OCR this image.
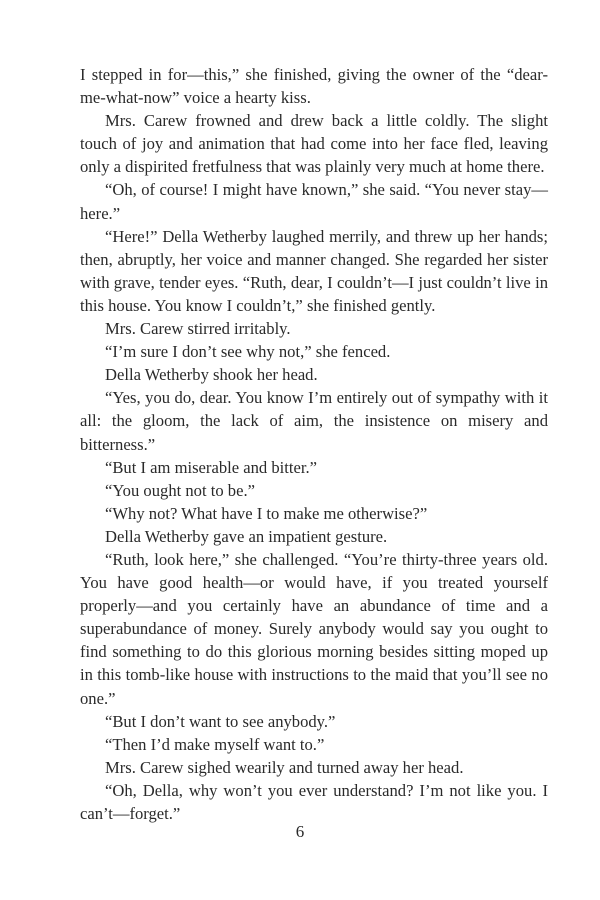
I stepped in for—this,” she finished, giving the owner of the “dear-me-what-now” voice a hearty kiss.

Mrs. Carew frowned and drew back a little coldly. The slight touch of joy and animation that had come into her face fled, leaving only a dispirited fretfulness that was plainly very much at home there.

“Oh, of course! I might have known,” she said. “You never stay—here.”

“Here!” Della Wetherby laughed merrily, and threw up her hands; then, abruptly, her voice and manner changed. She regarded her sister with grave, tender eyes. “Ruth, dear, I couldn’t—I just couldn’t live in this house. You know I couldn’t,” she finished gently.

Mrs. Carew stirred irritably.

“I’m sure I don’t see why not,” she fenced.

Della Wetherby shook her head.

“Yes, you do, dear. You know I’m entirely out of sympathy with it all: the gloom, the lack of aim, the insistence on misery and bitterness.”

“But I am miserable and bitter.”

“You ought not to be.”

“Why not? What have I to make me otherwise?”

Della Wetherby gave an impatient gesture.

“Ruth, look here,” she challenged. “You’re thirty-three years old. You have good health—or would have, if you treated yourself properly—and you certainly have an abundance of time and a superabundance of money. Surely anybody would say you ought to find something to do this glorious morning besides sitting moped up in this tomb-like house with instructions to the maid that you’ll see no one.”

“But I don’t want to see anybody.”

“Then I’d make myself want to.”

Mrs. Carew sighed wearily and turned away her head.

“Oh, Della, why won’t you ever understand? I’m not like you. I can’t—forget.”

6
